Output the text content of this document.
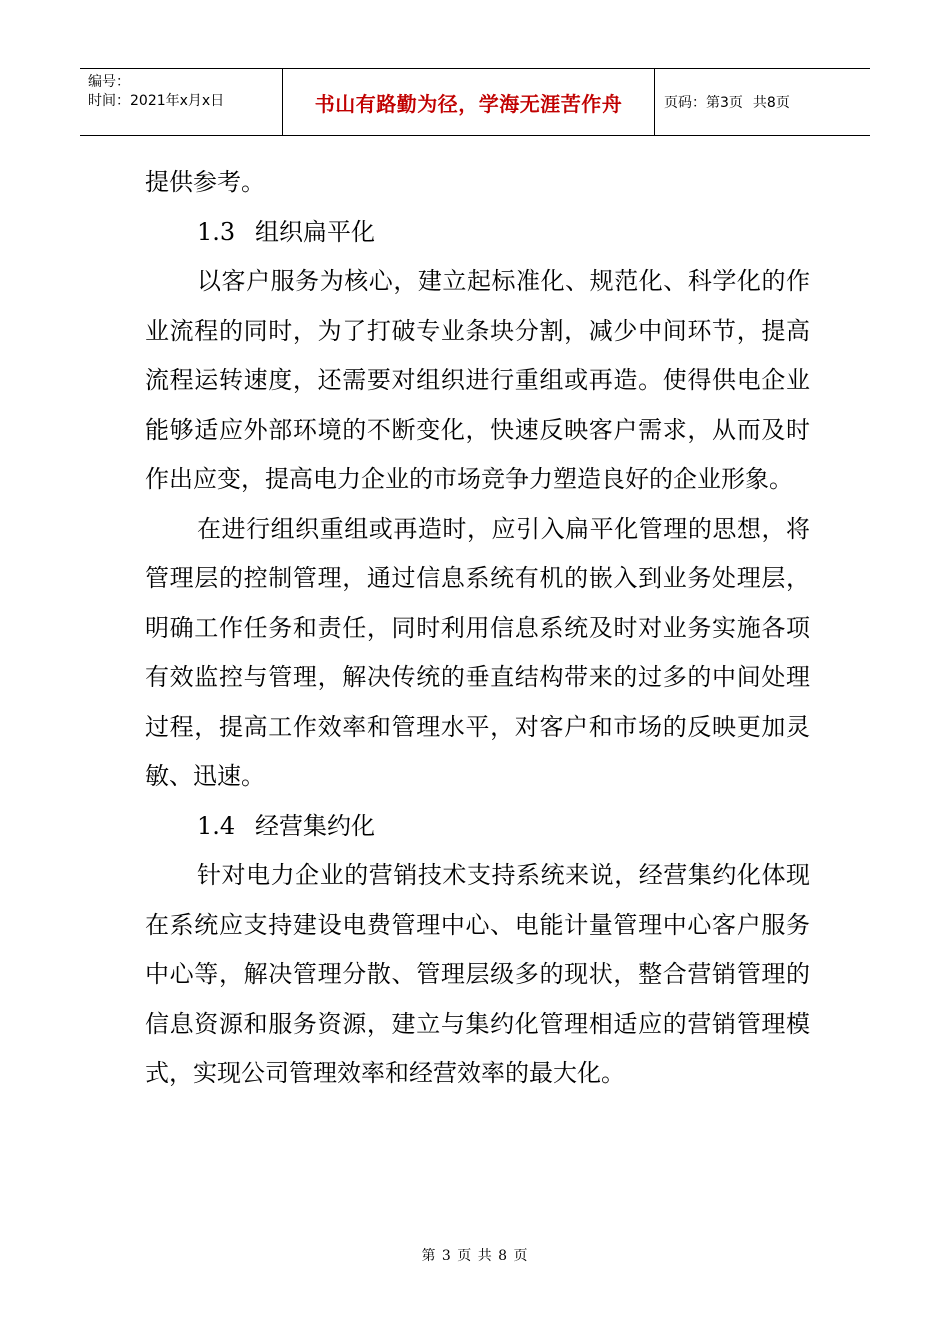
编号：
时间：2021年x月x日	书山有路勤为径，学海无涯苦作舟	页码：第3页 共8页

提供参考。

1.3 组织扁平化

以客户服务为核心，建立起标准化、规范化、科学化的作业流程的同时，为了打破专业条块分割，减少中间环节，提高流程运转速度，还需要对组织进行重组或再造。使得供电企业能够适应外部环境的不断变化，快速反映客户需求，从而及时作出应变，提高电力企业的市场竞争力塑造良好的企业形象。

在进行组织重组或再造时，应引入扁平化管理的思想，将管理层的控制管理，通过信息系统有机的嵌入到业务处理层，明确工作任务和责任，同时利用信息系统及时对业务实施各项有效监控与管理，解决传统的垂直结构带来的过多的中间处理过程，提高工作效率和管理水平，对客户和市场的反映更加灵敏、迅速。

1.4 经营集约化

针对电力企业的营销技术支持系统来说，经营集约化体现在系统应支持建设电费管理中心、电能计量管理中心客户服务中心等，解决管理分散、管理层级多的现状，整合营销管理的信息资源和服务资源，建立与集约化管理相适应的营销管理模式，实现公司管理效率和经营效率的最大化。

第 3 页 共 8 页
